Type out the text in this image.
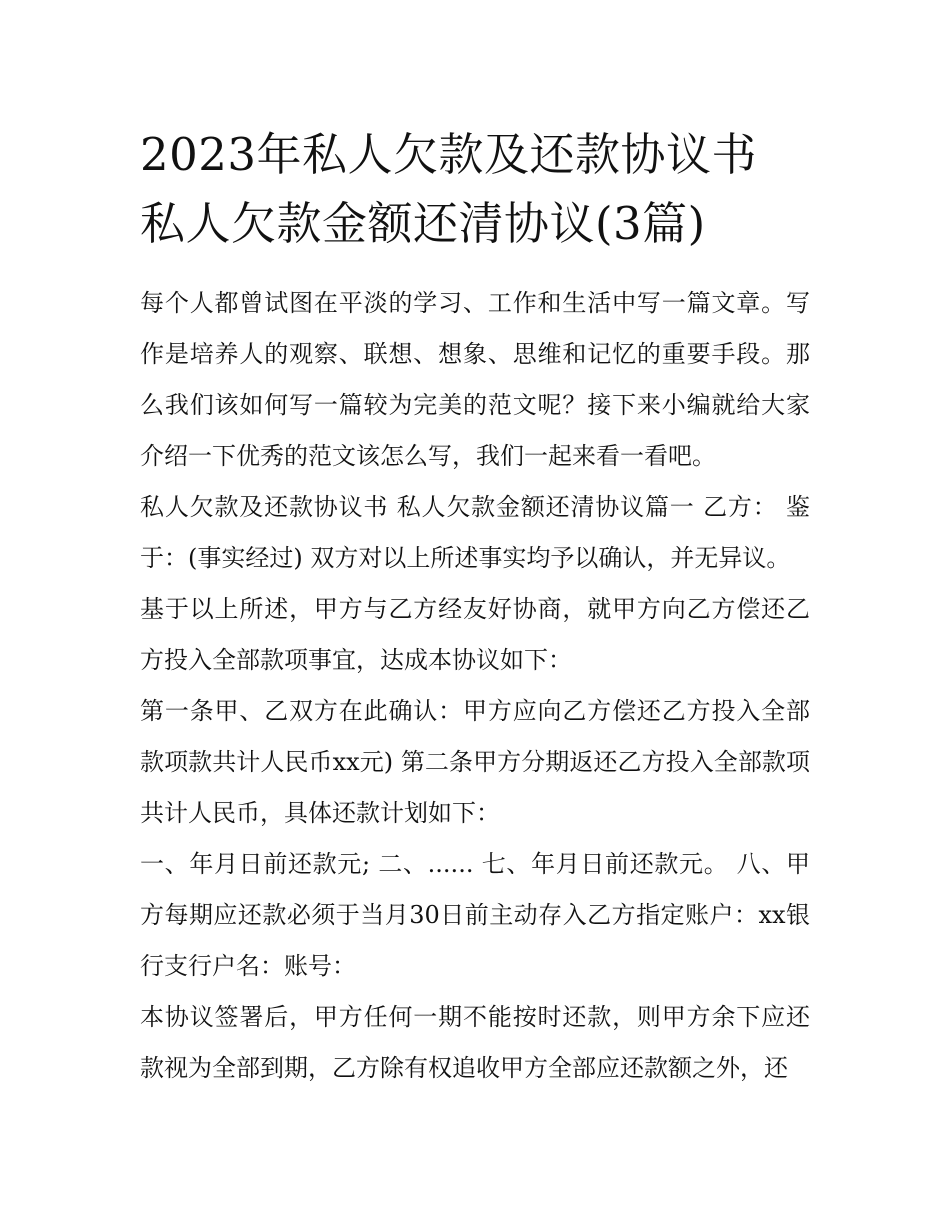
2023年私人欠款及还款协议书
私人欠款金额还清协议(3篇)

每个人都曾试图在平淡的学习、工作和生活中写一篇文章。写作是培养人的观察、联想、想象、思维和记忆的重要手段。那么我们该如何写一篇较为完美的范文呢？接下来小编就给大家介绍一下优秀的范文该怎么写，我们一起来看一看吧。

私人欠款及还款协议书 私人欠款金额还清协议篇一 乙方： 鉴于：(事实经过) 双方对以上所述事实均予以确认，并无异议。

基于以上所述，甲方与乙方经友好协商，就甲方向乙方偿还乙方投入全部款项事宜，达成本协议如下：

第一条甲、乙双方在此确认：甲方应向乙方偿还乙方投入全部款项款共计人民币xx元) 第二条甲方分期返还乙方投入全部款项共计人民币，具体还款计划如下：

一、年月日前还款元; 二、...... 七、年月日前还款元。 八、甲方每期应还款必须于当月30日前主动存入乙方指定账户：xx银行支行户名：账号：

本协议签署后，甲方任何一期不能按时还款，则甲方余下应还款视为全部到期，乙方除有权追收甲方全部应还款额之外，还
